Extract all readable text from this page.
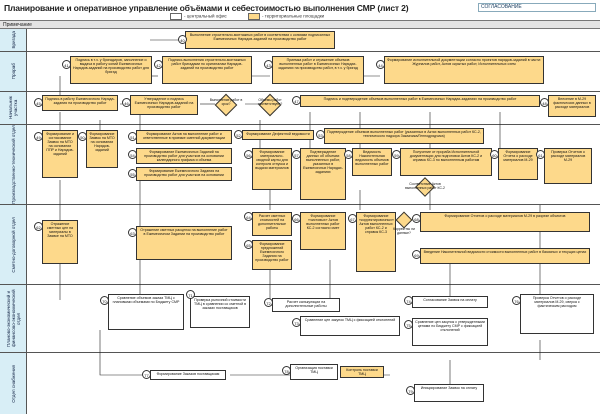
Планирование и оперативное управление объёмами и себестоимостью выполнения СМР (лист 2)	СОГЛАСОВАНИЕ
- центральный офис	- территориальные площадки
Примечание
Бригада
Прораб
Начальник участка
Производственно-технический отдел
Сметно-договорной отдел
Планово-экономический и финансово-экономический отдел
Отдел снабжения
Выполнение строительно-монтажных работ в соответствии с копиями подписанных Ежемесячных Нарядов-заданий на производство работ
Подпись в т.ч. у бригадиров, заполнение и выдача в работу копий Ежемесячных Нарядов-заданий на производство работ для бригад
Подпись выполнения строительно-монтажных работ бригадами по оригиналам Нарядов-заданий на производство работ
Приемка работ и отражение объемов выполненных работ в Ежемесячных Нарядах-заданиях на производство работ, в т.ч. у бригад
Формирование исполнительной документации согласно проектов нарядов-заданий в части: Журналов работ, Актов скрытых работ, Исполнительных схем
Подпись в работу Ежемесячного Наряда-задания на производство работ
Утверждение и подпись Ежемесячных Нарядов-заданий на производство работ
Выполнение работ в срок?
Объемы работ соответствуют?
Подпись и подтверждение объемов выполненных работ в Ежемесячных Нарядах-заданиях на производство работ	Внесение в М-29 фактических данных в расходе материалов
Формирование и согласование Заявок на МТО на основании ППР и Нарядов-заданий
Формирование Заявок на МТО на основании Нарядов-заданий
Формирование Актов на выполнение работ и ответственные в приемке сметной документации
Формирование Дефектной ведомости	Подтверждение объемов выполненных работ (указанных в Актах выполненных работ КС-2, технического надзора Заказчика/Генподрядчика)
Формирование Ежемесячных Заданий на производство работ для участков на основании календарного графика и объема
Формирование Ежемесячного Задания на производство работ для участков на основании
Формирование материально-сводной карты для контроля отпуска и выдачи материалов
Подтверждение данных об объемах выполненных работ, указанных в Ежемесячных Нарядах-заданиях
Ведомость Накопительная ведомость объемов выполненных работ
Получение от прораба Исполнительной документации для подготовки Актов КС-2 и справок КС-3 по выполненным работам
Проверка Отчетов о расходе материалов М-29
Формирование Отчета о расходе материалов М-29
Соответствие Актов выполненных работ КС-2
Отражение сметных цен на материалы в Заявке на МТО
Отражение сметных расценок на выполнение работ в Ежемесячном Задании на производство работ
Расчет сметных стоимостей на дополнительные работы
Формирование предложений Ежемесячного Задания на производство работ
Формирование «чистовых» Актов выполненных работ КС-2 согласно смет
Формирование «корректировочных» Актов выполненных работ КС-2 и справок КС-3
Формирование Отчетов о расходе материалов М-29 в разрезе объектов
Введение Накопительной ведомости стоимости выполненных работ в базисных и текущих ценах
Корректны ли данные?
Сравнение объемов заказа ТМЦ с плановыми объемами по Бюджету СМР
Проверка рыночной стоимости ТМЦ в сравнении со сметной в заказах поставщиков
Расчет калькуляции на дополнительные работы
Сравнение цен закупок ТМЦ с фиксацией отклонений
Согласование Заявок на оплату
Сравнение цен закупок с утвержденными ценами по Бюджету СМР с фиксацией отклонений
Проверка Отчетов о расходе материалов М-29, сверка с фактическим расходом
Формирование Заказов поставщикам
Организация поставки ТМЦ
Контроль поставки ТМЦ
Инициирование Заявок на оплату
40
41	42	43	44
45	46	47	48
49	50	51	52	53
54
55
56	57	58	59	60	61
62
63
64
65
66	67	68
69
70
71
72
73
74
75
76
77
78
79
